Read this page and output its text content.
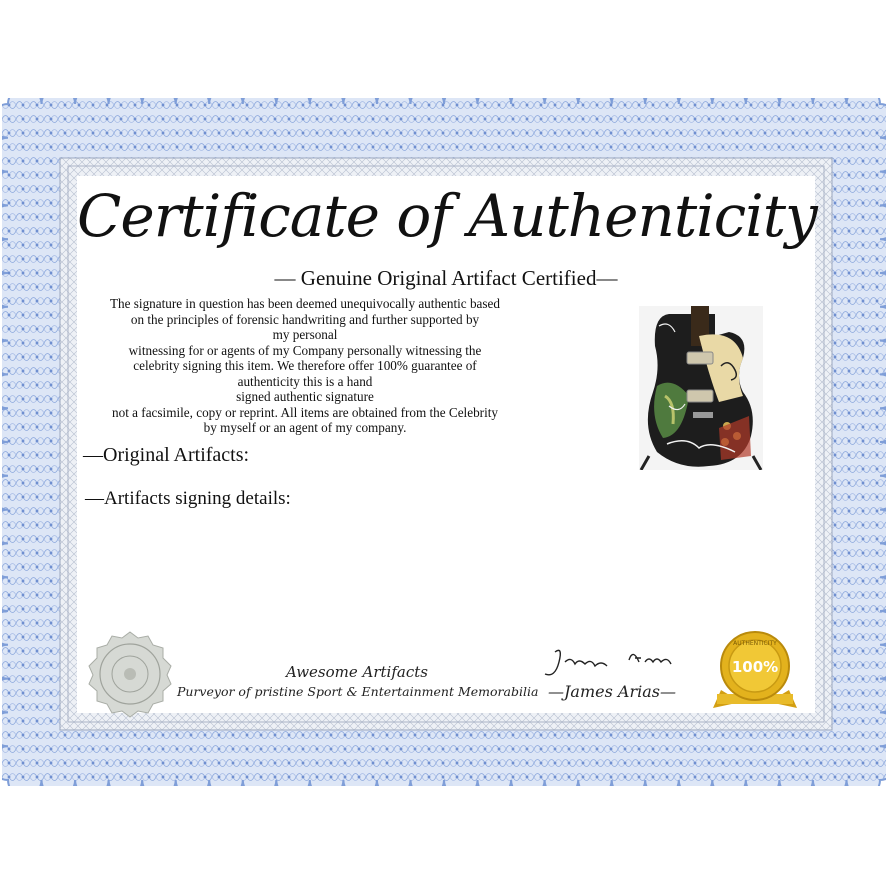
Certificate of Authenticity
— Genuine Original Artifact Certified—
The signature in question has been deemed unequivocally authentic based
on the principles of forensic handwriting and further supported by
my personal
witnessing for or agents of my Company personally witnessing the
celebrity signing this item. We therefore offer 100% guarantee of
authenticity this is a hand
signed authentic signature
not a facsimile, copy or reprint. All items are obtained from the Celebrity
by myself or an agent of my company.
—Original Artifacts:
—Artifacts signing details:
Awesome Artifacts
Purveyor of pristine Sport & Entertainment Memorabilia —James Arias—
100%
AUTHENTICITY
